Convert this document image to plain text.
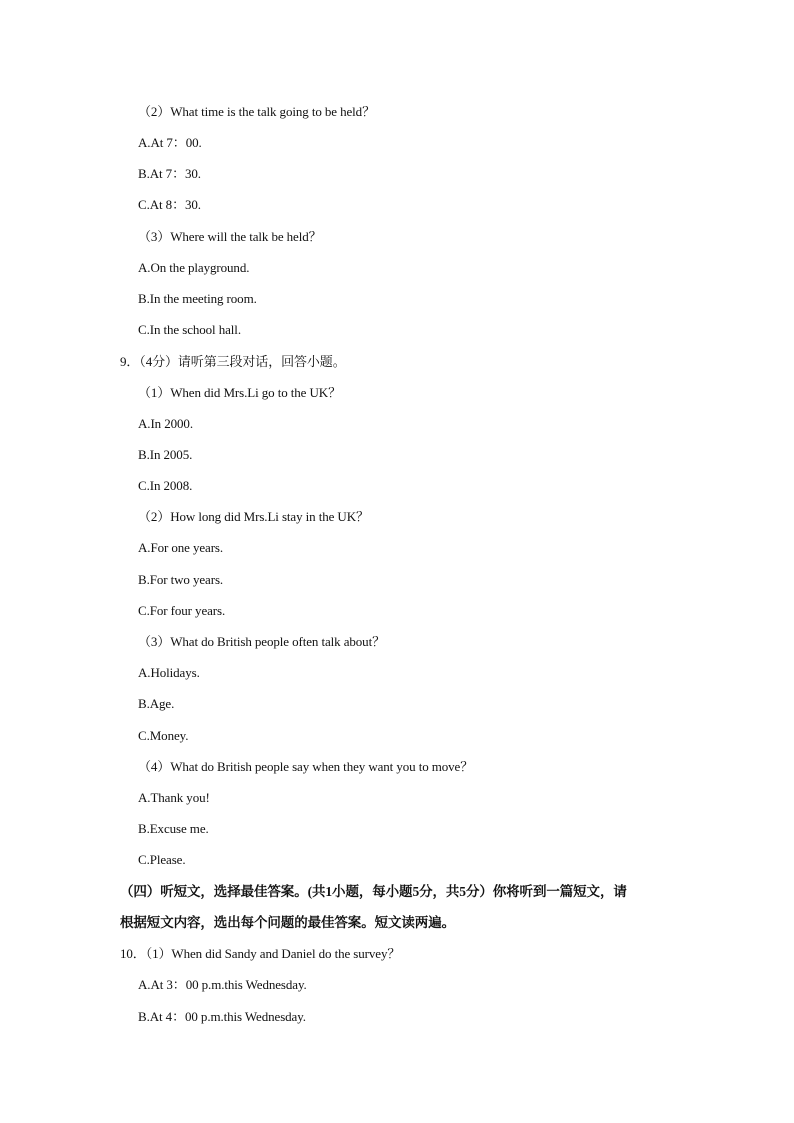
（2）What time is the talk going to be held？
A.At 7：00.
B.At 7：30.
C.At 8：30.
（3）Where will the talk be held？
A.On the playground.
B.In the meeting room.
C.In the school hall.
9．（4分）请听第三段对话，回答小题。
（1）When did Mrs.Li go to the UK？
A.In 2000.
B.In 2005.
C.In 2008.
（2）How long did Mrs.Li stay in the UK？
A.For one years.
B.For two years.
C.For four years.
（3）What do British people often talk about？
A.Holidays.
B.Age.
C.Money.
（4）What do British people say when they want you to move？
A.Thank you!
B.Excuse me.
C.Please.
（四）听短文，选择最佳答案。(共1小题，每小题5分，共5分）你将听到一篇短文，请
根据短文内容，选出每个问题的最佳答案。短文读两遍。
10．（1）When did Sandy and Daniel do the survey？
A.At 3：00 p.m.this Wednesday.
B.At 4：00 p.m.this Wednesday.
